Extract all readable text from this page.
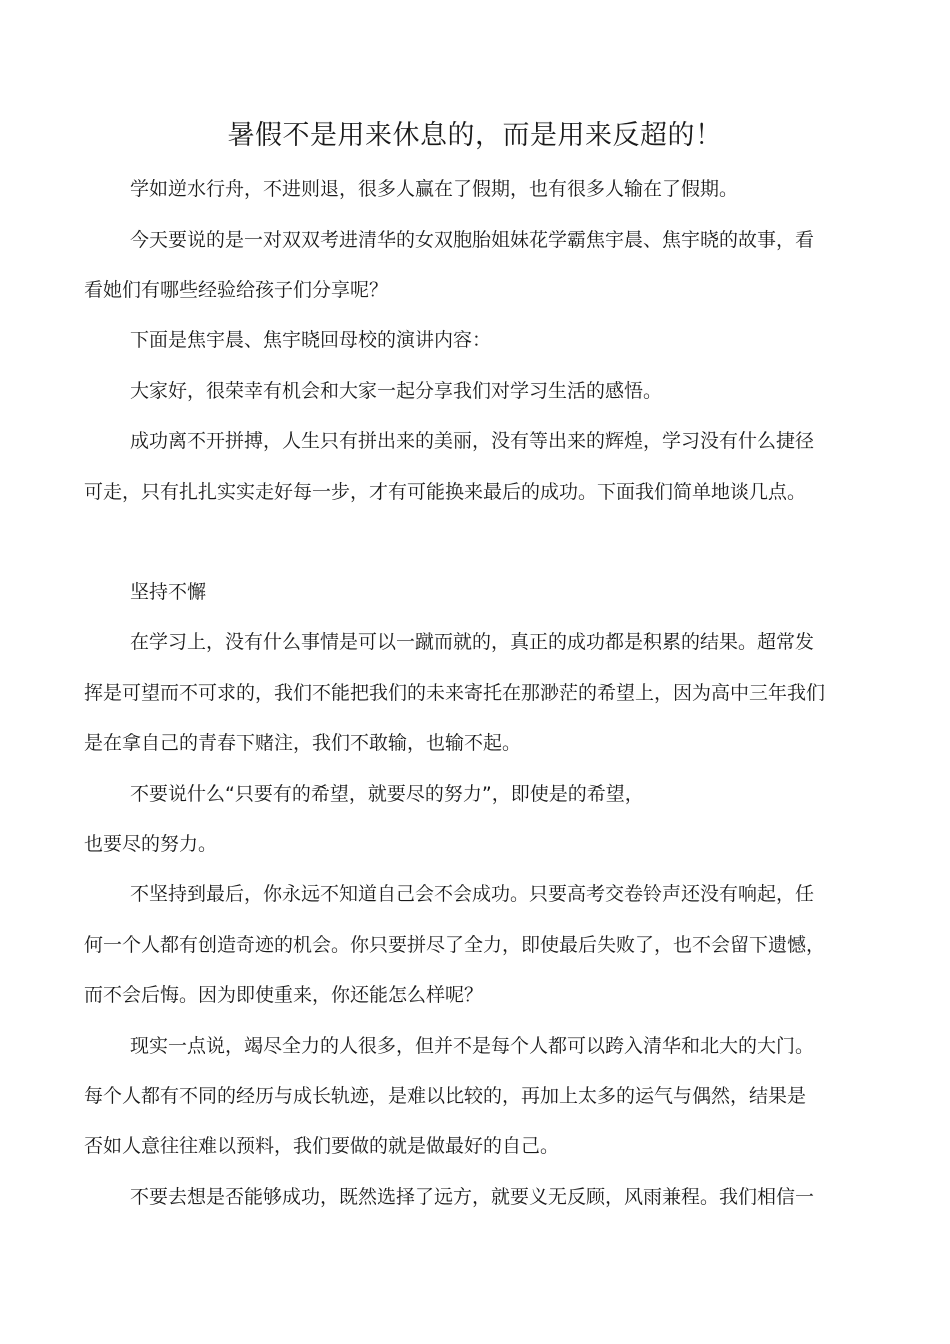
暑假不是用来休息的，而是用来反超的！
学如逆水行舟，不进则退，很多人赢在了假期，也有很多人输在了假期。
今天要说的是一对双双考进清华的女双胞胎姐妹花学霸焦宇晨、焦宇晓的故事，看
看她们有哪些经验给孩子们分享呢？
下面是焦宇晨、焦宇晓回母校的演讲内容：
大家好，很荣幸有机会和大家一起分享我们对学习生活的感悟。
成功离不开拼搏，人生只有拼出来的美丽，没有等出来的辉煌，学习没有什么捷径
可走，只有扎扎实实走好每一步，才有可能换来最后的成功。下面我们简单地谈几点。
坚持不懈
在学习上，没有什么事情是可以一蹴而就的，真正的成功都是积累的结果。超常发
挥是可望而不可求的，我们不能把我们的未来寄托在那渺茫的希望上，因为高中三年我们
是在拿自己的青春下赌注，我们不敢输，也输不起。
不要说什么“只要有的希望，就要尽的努力”，即使是的希望，
也要尽的努力。
不坚持到最后，你永远不知道自己会不会成功。只要高考交卷铃声还没有响起，任
何一个人都有创造奇迹的机会。你只要拼尽了全力，即使最后失败了，也不会留下遗憾，
而不会后悔。因为即使重来，你还能怎么样呢？
现实一点说，竭尽全力的人很多，但并不是每个人都可以跨入清华和北大的大门。
每个人都有不同的经历与成长轨迹，是难以比较的，再加上太多的运气与偶然，结果是
否如人意往往难以预料，我们要做的就是做最好的自己。
不要去想是否能够成功，既然选择了远方，就要义无反顾，风雨兼程。我们相信一
